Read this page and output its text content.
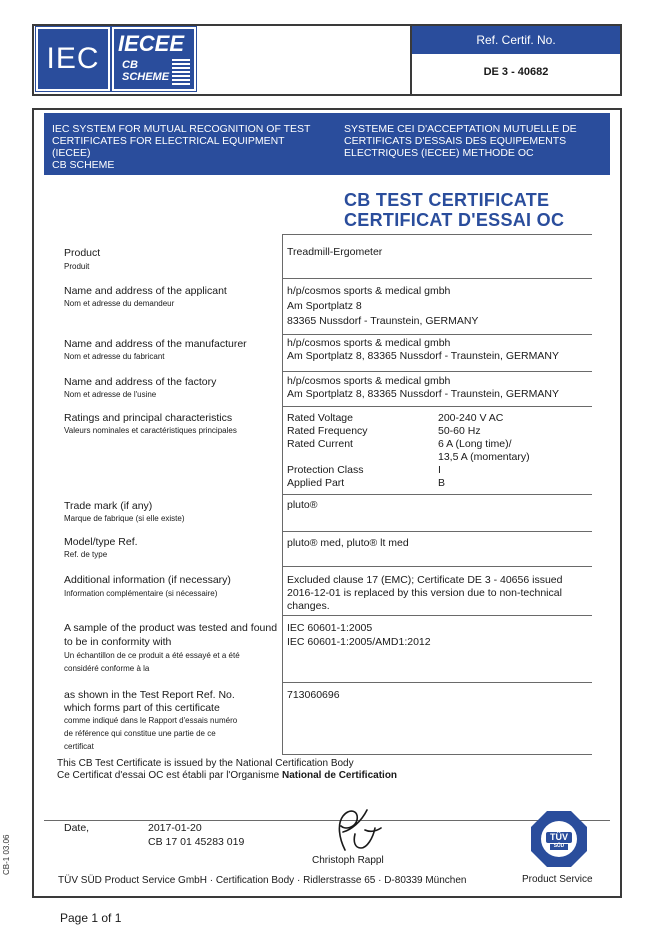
IEC IECEE
CB
SCHEME
Ref. Certif. No.
DE 3 - 40682
IEC SYSTEM FOR MUTUAL RECOGNITION OF TEST
CERTIFICATES FOR ELECTRICAL EQUIPMENT (IECEE)
CB SCHEME
SYSTEME CEI D'ACCEPTATION MUTUELLE DE
CERTIFICATS D'ESSAIS DES EQUIPEMENTS
ELECTRIQUES (IECEE) METHODE OC
CB TEST CERTIFICATE
CERTIFICAT D'ESSAI OC
Product
Produit
Treadmill-Ergometer
Name and address of the applicant
Nom et adresse du demandeur
h/p/cosmos sports & medical gmbh
Am Sportplatz 8
83365 Nussdorf - Traunstein, GERMANY
Name and address of the manufacturer
Nom et adresse du fabricant
h/p/cosmos sports & medical gmbh
Am Sportplatz 8, 83365 Nussdorf - Traunstein, GERMANY
Name and address of the factory
Nom et adresse de l'usine
h/p/cosmos sports & medical gmbh
Am Sportplatz 8, 83365 Nussdorf - Traunstein, GERMANY
Ratings and principal characteristics
Valeurs nominales et caractéristiques principales
Rated Voltage	200-240 V AC
Rated Frequency	50-60 Hz
Rated Current	6 A (Long time)/
13,5 A (momentary)
Protection Class	I
Applied Part	B
Trade mark (if any)
Marque de fabrique (si elle existe)
pluto®
Model/type Ref.
Ref. de type
pluto® med, pluto® lt med
Additional information (if necessary)
Information complémentaire (si nécessaire)
Excluded clause 17 (EMC); Certificate DE 3 - 40656 issued
2016-12-01 is replaced by this version due to non-technical
changes.
A sample of the product was tested and found
to be in conformity with
Un échantillon de ce produit a été essayé et a été
considéré conforme à la
IEC 60601-1:2005
IEC 60601-1:2005/AMD1:2012
as shown in the Test Report Ref. No.
which forms part of this certificate
comme indiqué dans le Rapport d'essais numéro
de référence qui constitue une partie de ce
certificat
713060696
This CB Test Certificate is issued by the National Certification Body
Ce Certificat d'essai OC est établi par l'Organisme National de Certification
Date,	2017-01-20
CB 17 01 45283 019
Christoph Rappl
TÜV
SÜD
Product Service
TÜV SÜD Product Service GmbH · Certification Body · Ridlerstrasse 65 · D-80339 München
CB-1 03.06
Page 1 of 1
